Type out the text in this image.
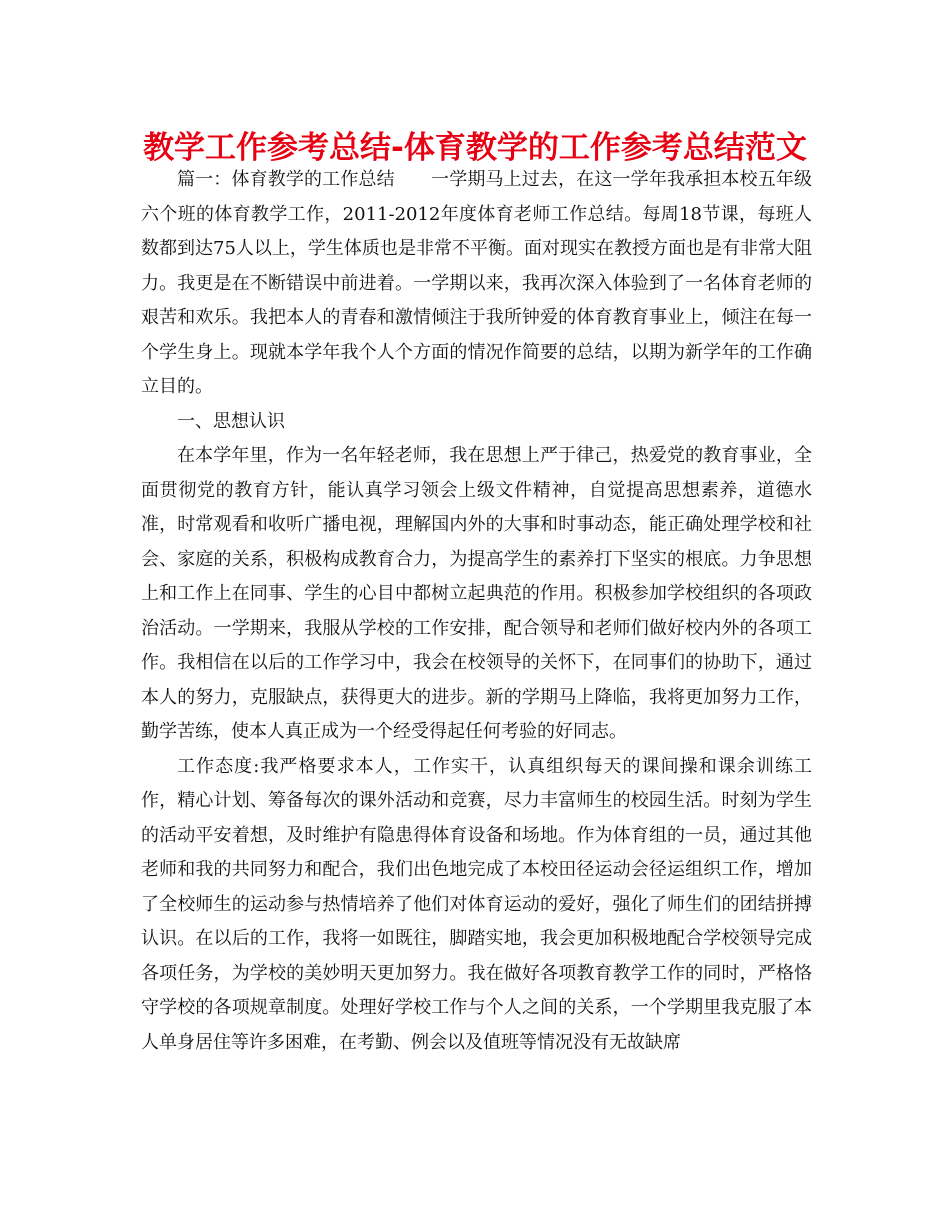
教学工作参考总结-体育教学的工作参考总结范文

篇一：体育教学的工作总结　　一学期马上过去，在这一学年我承担本校五年级六个班的体育教学工作，2011-2012年度体育老师工作总结。每周18节课，每班人数都到达75人以上，学生体质也是非常不平衡。面对现实在教授方面也是有非常大阻力。我更是在不断错误中前进着。一学期以来，我再次深入体验到了一名体育老师的艰苦和欢乐。我把本人的青春和激情倾注于我所钟爱的体育教育事业上，倾注在每一个学生身上。现就本学年我个人个方面的情况作简要的总结，以期为新学年的工作确立目的。

一、思想认识

在本学年里，作为一名年轻老师，我在思想上严于律己，热爱党的教育事业，全面贯彻党的教育方针，能认真学习领会上级文件精神，自觉提高思想素养，道德水准，时常观看和收听广播电视，理解国内外的大事和时事动态，能正确处理学校和社会、家庭的关系，积极构成教育合力，为提高学生的素养打下坚实的根底。力争思想上和工作上在同事、学生的心目中都树立起典范的作用。积极参加学校组织的各项政治活动。一学期来，我服从学校的工作安排，配合领导和老师们做好校内外的各项工作。我相信在以后的工作学习中，我会在校领导的关怀下，在同事们的协助下，通过本人的努力，克服缺点，获得更大的进步。新的学期马上降临，我将更加努力工作，勤学苦练，使本人真正成为一个经受得起任何考验的好同志。

工作态度:我严格要求本人，工作实干，认真组织每天的课间操和课余训练工作，精心计划、筹备每次的课外活动和竞赛，尽力丰富师生的校园生活。时刻为学生的活动平安着想，及时维护有隐患得体育设备和场地。作为体育组的一员，通过其他老师和我的共同努力和配合，我们出色地完成了本校田径运动会径运组织工作，增加了全校师生的运动参与热情培养了他们对体育运动的爱好，强化了师生们的团结拼搏认识。在以后的工作，我将一如既往，脚踏实地，我会更加积极地配合学校领导完成各项任务，为学校的美妙明天更加努力。我在做好各项教育教学工作的同时，严格恪守学校的各项规章制度。处理好学校工作与个人之间的关系，一个学期里我克服了本人单身居住等许多困难，在考勤、例会以及值班等情况没有无故缺席
